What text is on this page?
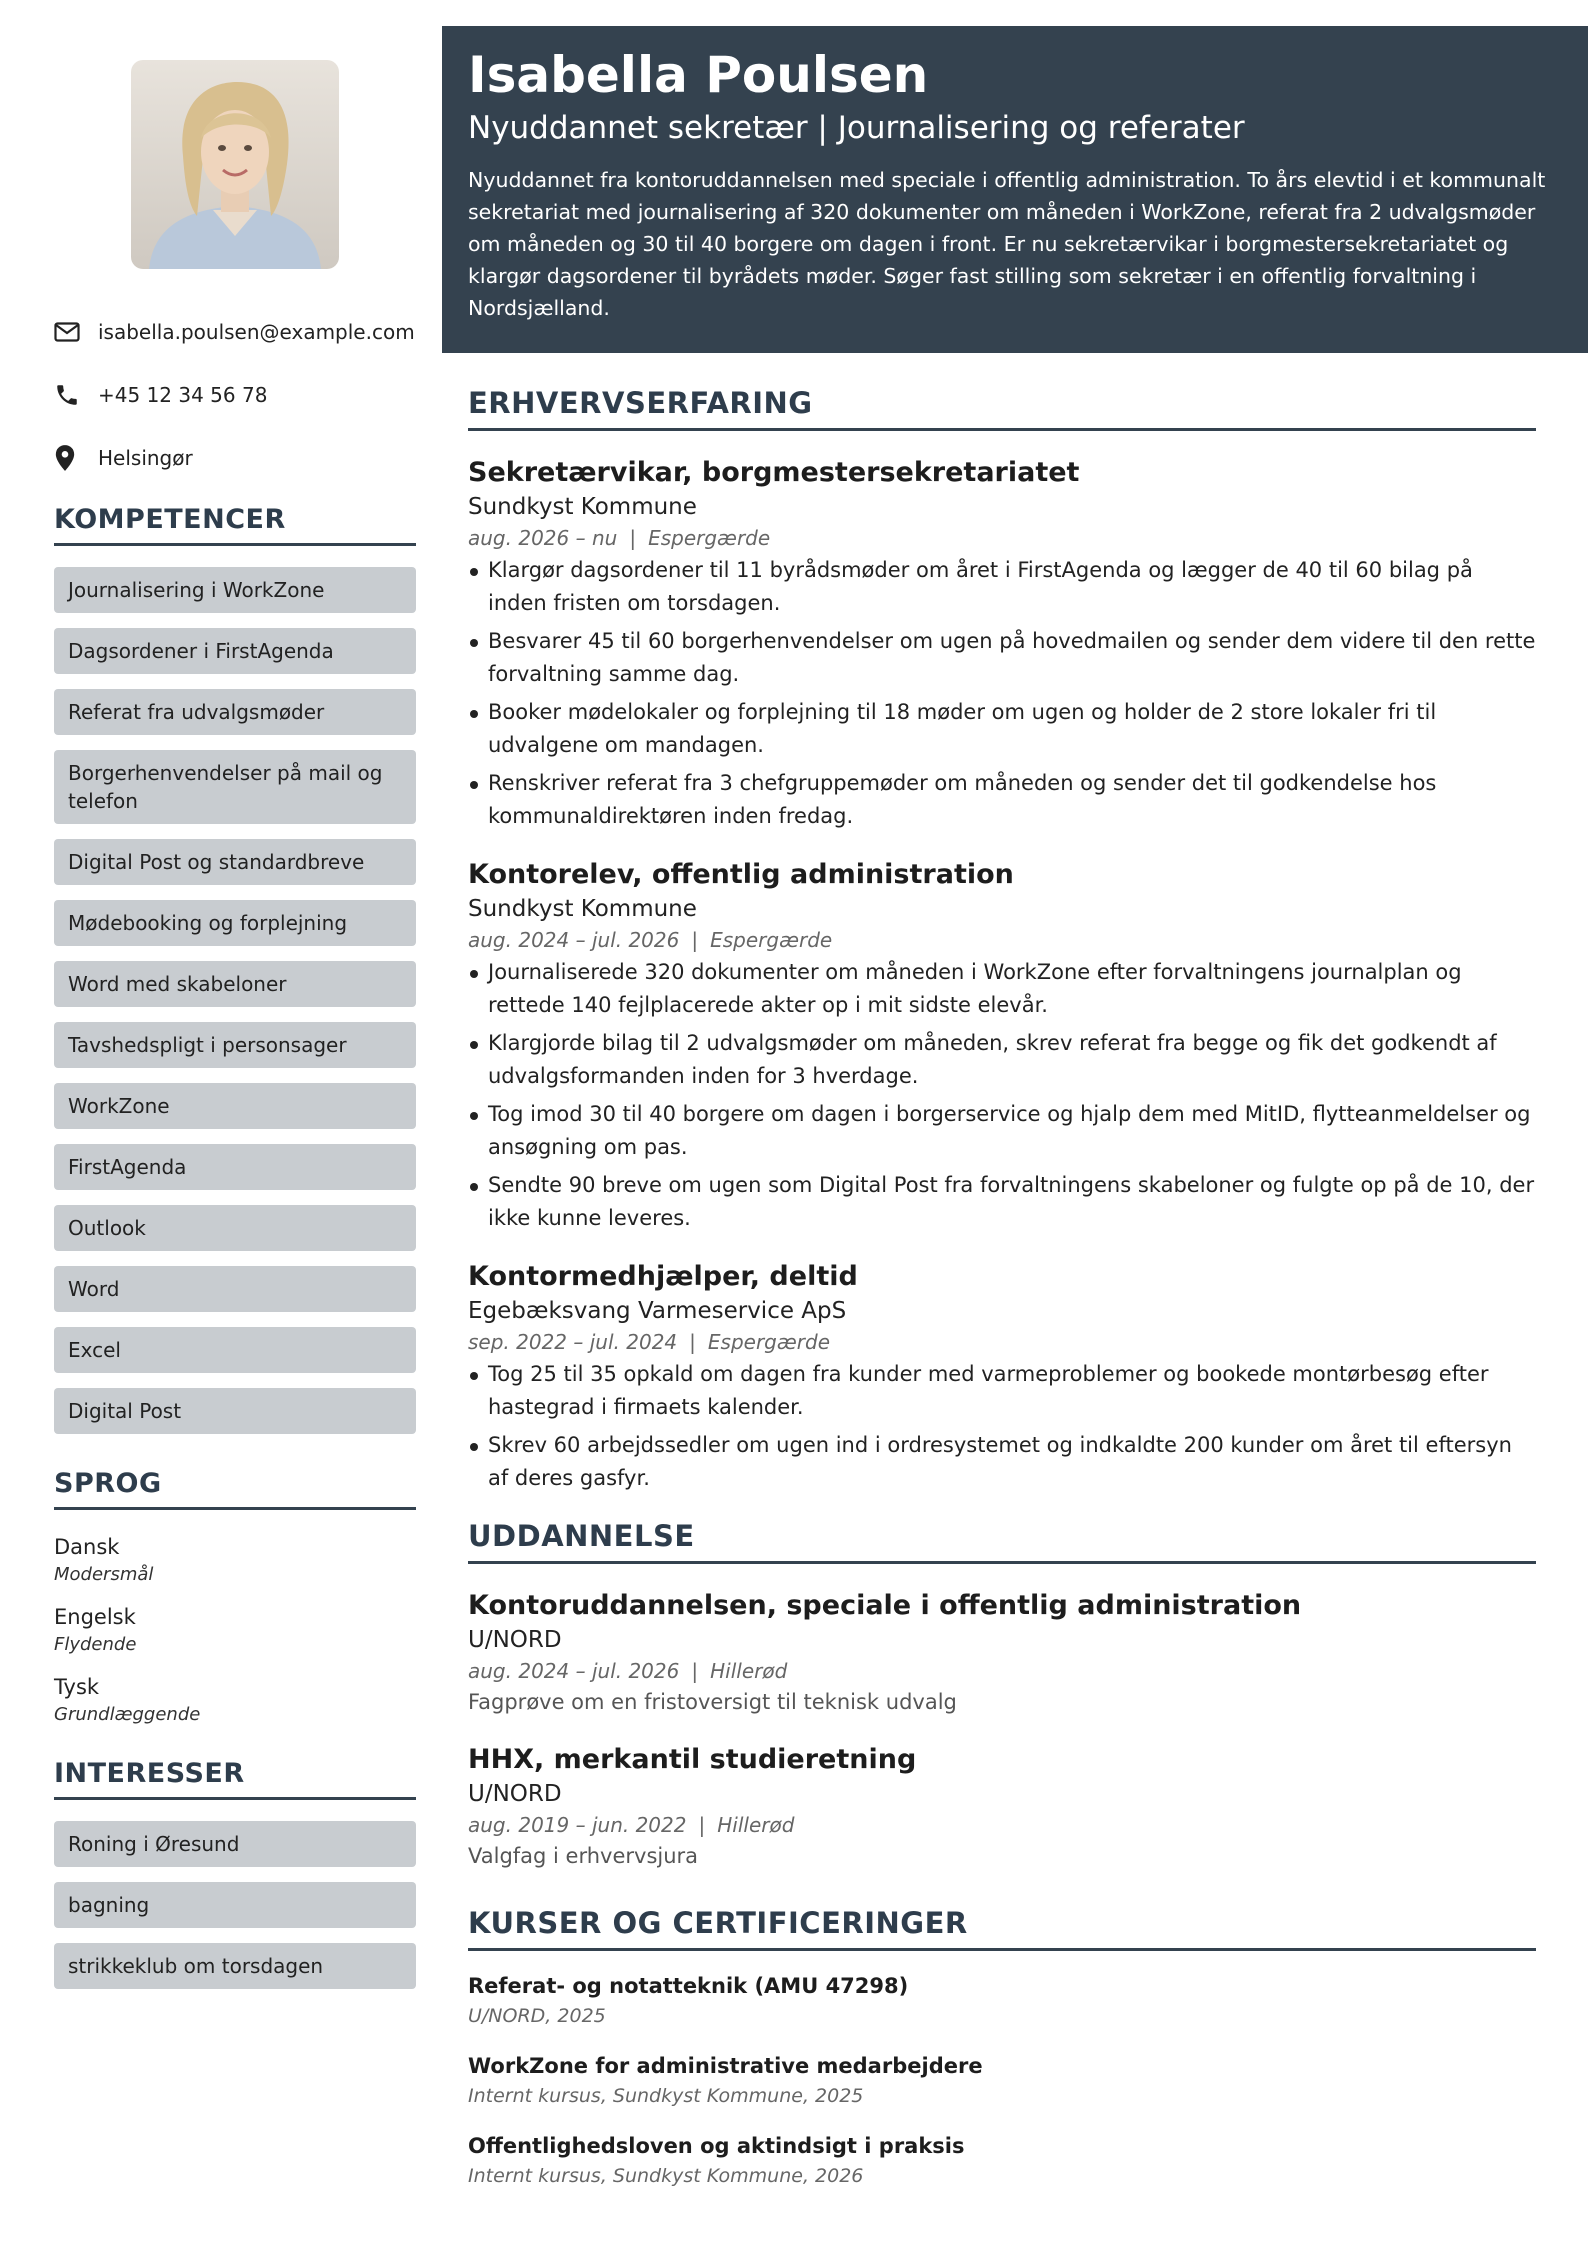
isabella.poulsen@example.com
+45 12 34 56 78
Helsingør
KOMPETENCER
Journalisering i WorkZone
Dagsordener i FirstAgenda
Referat fra udvalgsmøder
Borgerhenvendelser på mail og telefon
Digital Post og standardbreve
Mødebooking og forplejning
Word med skabeloner
Tavshedspligt i personsager
WorkZone
FirstAgenda
Outlook
Word
Excel
Digital Post
SPROG
Dansk
Modersmål
Engelsk
Flydende
Tysk
Grundlæggende
INTERESSER
Roning i Øresund
bagning
strikkeklub om torsdagen
Isabella Poulsen
Nyuddannet sekretær | Journalisering og referater

Nyuddannet fra kontoruddannelsen med speciale i offentlig administration. To års elevtid i et kommunalt sekretariat med journalisering af 320 dokumenter om måneden i WorkZone, referat fra 2 udvalgsmøder om måneden og 30 til 40 borgere om dagen i front. Er nu sekretærvikar i borgmestersekretariatet og klargør dagsordener til byrådets møder. Søger fast stilling som sekretær i en offentlig forvaltning i Nordsjælland.

ERHVERVSERFARING
Sekretærvikar, borgmestersekretariatet
Sundkyst Kommune
aug. 2026 – nu | Espergærde
Klargør dagsordener til 11 byrådsmøder om året i FirstAgenda og lægger de 40 til 60 bilag på inden fristen om torsdagen.
Besvarer 45 til 60 borgerhenvendelser om ugen på hovedmailen og sender dem videre til den rette forvaltning samme dag.
Booker mødelokaler og forplejning til 18 møder om ugen og holder de 2 store lokaler fri til udvalgene om mandagen.
Renskriver referat fra 3 chefgruppemøder om måneden og sender det til godkendelse hos kommunaldirektøren inden fredag.
Kontorelev, offentlig administration
Sundkyst Kommune
aug. 2024 – jul. 2026 | Espergærde
Journaliserede 320 dokumenter om måneden i WorkZone efter forvaltningens journalplan og rettede 140 fejlplacerede akter op i mit sidste elevår.
Klargjorde bilag til 2 udvalgsmøder om måneden, skrev referat fra begge og fik det godkendt af udvalgsformanden inden for 3 hverdage.
Tog imod 30 til 40 borgere om dagen i borgerservice og hjalp dem med MitID, flytteanmeldelser og ansøgning om pas.
Sendte 90 breve om ugen som Digital Post fra forvaltningens skabeloner og fulgte op på de 10, der ikke kunne leveres.
Kontormedhjælper, deltid
Egebæksvang Varmeservice ApS
sep. 2022 – jul. 2024 | Espergærde
Tog 25 til 35 opkald om dagen fra kunder med varmeproblemer og bookede montørbesøg efter hastegrad i firmaets kalender.
Skrev 60 arbejdssedler om ugen ind i ordresystemet og indkaldte 200 kunder om året til eftersyn af deres gasfyr.
UDDANNELSE
Kontoruddannelsen, speciale i offentlig administration
U/NORD
aug. 2024 – jul. 2026 | Hillerød
Fagprøve om en fristoversigt til teknisk udvalg
HHX, merkantil studieretning
U/NORD
aug. 2019 – jun. 2022 | Hillerød
Valgfag i erhvervsjura
KURSER OG CERTIFICERINGER
Referat- og notatteknik (AMU 47298)
U/NORD, 2025
WorkZone for administrative medarbejdere
Internt kursus, Sundkyst Kommune, 2025
Offentlighedsloven og aktindsigt i praksis
Internt kursus, Sundkyst Kommune, 2026
